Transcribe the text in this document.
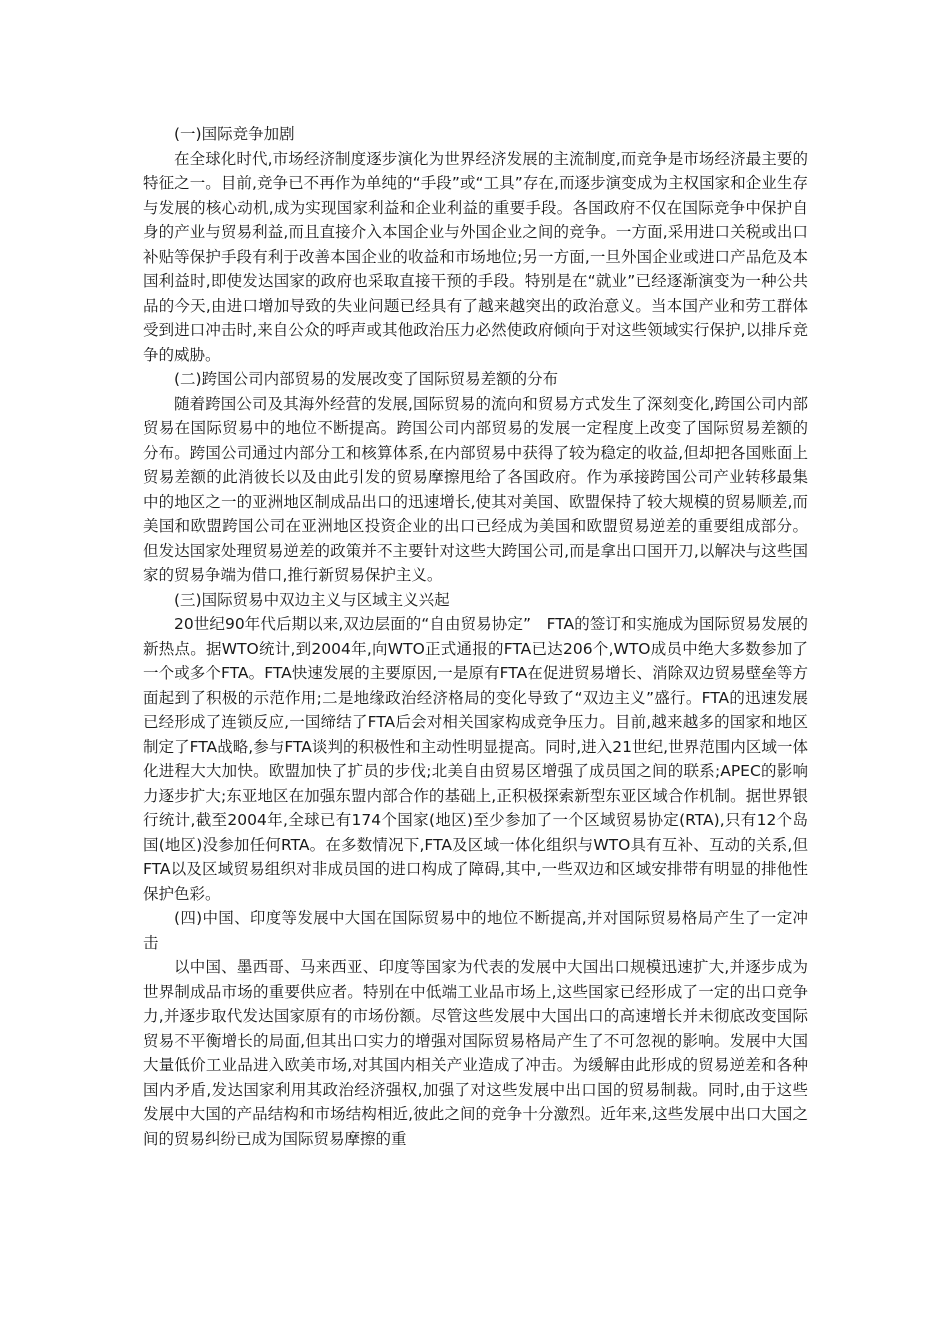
(一)国际竞争加剧

在全球化时代,市场经济制度逐步演化为世界经济发展的主流制度,而竞争是市场经济最主要的特征之一。目前,竞争已不再作为单纯的“手段”或“工具”存在,而逐步演变成为主权国家和企业生存与发展的核心动机,成为实现国家利益和企业利益的重要手段。各国政府不仅在国际竞争中保护自身的产业与贸易利益,而且直接介入本国企业与外国企业之间的竞争。一方面,采用进口关税或出口补贴等保护手段有利于改善本国企业的收益和市场地位;另一方面,一旦外国企业或进口产品危及本国利益时,即使发达国家的政府也采取直接干预的手段。特别是在“就业”已经逐渐演变为一种公共品的今天,由进口增加导致的失业问题已经具有了越来越突出的政治意义。当本国产业和劳工群体受到进口冲击时,来自公众的呼声或其他政治压力必然使政府倾向于对这些领域实行保护,以排斥竞争的威胁。

(二)跨国公司内部贸易的发展改变了国际贸易差额的分布

随着跨国公司及其海外经营的发展,国际贸易的流向和贸易方式发生了深刻变化,跨国公司内部贸易在国际贸易中的地位不断提高。跨国公司内部贸易的发展一定程度上改变了国际贸易差额的分布。跨国公司通过内部分工和核算体系,在内部贸易中获得了较为稳定的收益,但却把各国账面上贸易差额的此消彼长以及由此引发的贸易摩擦甩给了各国政府。作为承接跨国公司产业转移最集中的地区之一的亚洲地区制成品出口的迅速增长,使其对美国、欧盟保持了较大规模的贸易顺差,而美国和欧盟跨国公司在亚洲地区投资企业的出口已经成为美国和欧盟贸易逆差的重要组成部分。但发达国家处理贸易逆差的政策并不主要针对这些大跨国公司,而是拿出口国开刀,以解决与这些国家的贸易争端为借口,推行新贸易保护主义。

(三)国际贸易中双边主义与区域主义兴起

20世纪90年代后期以来,双边层面的“自由贸易协定”　FTA的签订和实施成为国际贸易发展的新热点。据WTO统计,到2004年,向WTO正式通报的FTA已达206个,WTO成员中绝大多数参加了一个或多个FTA。FTA快速发展的主要原因,一是原有FTA在促进贸易增长、消除双边贸易壁垒等方面起到了积极的示范作用;二是地缘政治经济格局的变化导致了“双边主义”盛行。FTA的迅速发展已经形成了连锁反应,一国缔结了FTA后会对相关国家构成竞争压力。目前,越来越多的国家和地区制定了FTA战略,参与FTA谈判的积极性和主动性明显提高。同时,进入21世纪,世界范围内区域一体化进程大大加快。欧盟加快了扩员的步伐;北美自由贸易区增强了成员国之间的联系;APEC的影响力逐步扩大;东亚地区在加强东盟内部合作的基础上,正积极探索新型东亚区域合作机制。据世界银行统计,截至2004年,全球已有174个国家(地区)至少参加了一个区域贸易协定(RTA),只有12个岛国(地区)没参加任何RTA。在多数情况下,FTA及区域一体化组织与WTO具有互补、互动的关系,但FTA以及区域贸易组织对非成员国的进口构成了障碍,其中,一些双边和区域安排带有明显的排他性保护色彩。

(四)中国、印度等发展中大国在国际贸易中的地位不断提高,并对国际贸易格局产生了一定冲击

以中国、墨西哥、马来西亚、印度等国家为代表的发展中大国出口规模迅速扩大,并逐步成为世界制成品市场的重要供应者。特别在中低端工业品市场上,这些国家已经形成了一定的出口竞争力,并逐步取代发达国家原有的市场份额。尽管这些发展中大国出口的高速增长并未彻底改变国际贸易不平衡增长的局面,但其出口实力的增强对国际贸易格局产生了不可忽视的影响。发展中大国大量低价工业品进入欧美市场,对其国内相关产业造成了冲击。为缓解由此形成的贸易逆差和各种国内矛盾,发达国家利用其政治经济强权,加强了对这些发展中出口国的贸易制裁。同时,由于这些发展中大国的产品结构和市场结构相近,彼此之间的竞争十分激烈。近年来,这些发展中出口大国之间的贸易纠纷已成为国际贸易摩擦的重
